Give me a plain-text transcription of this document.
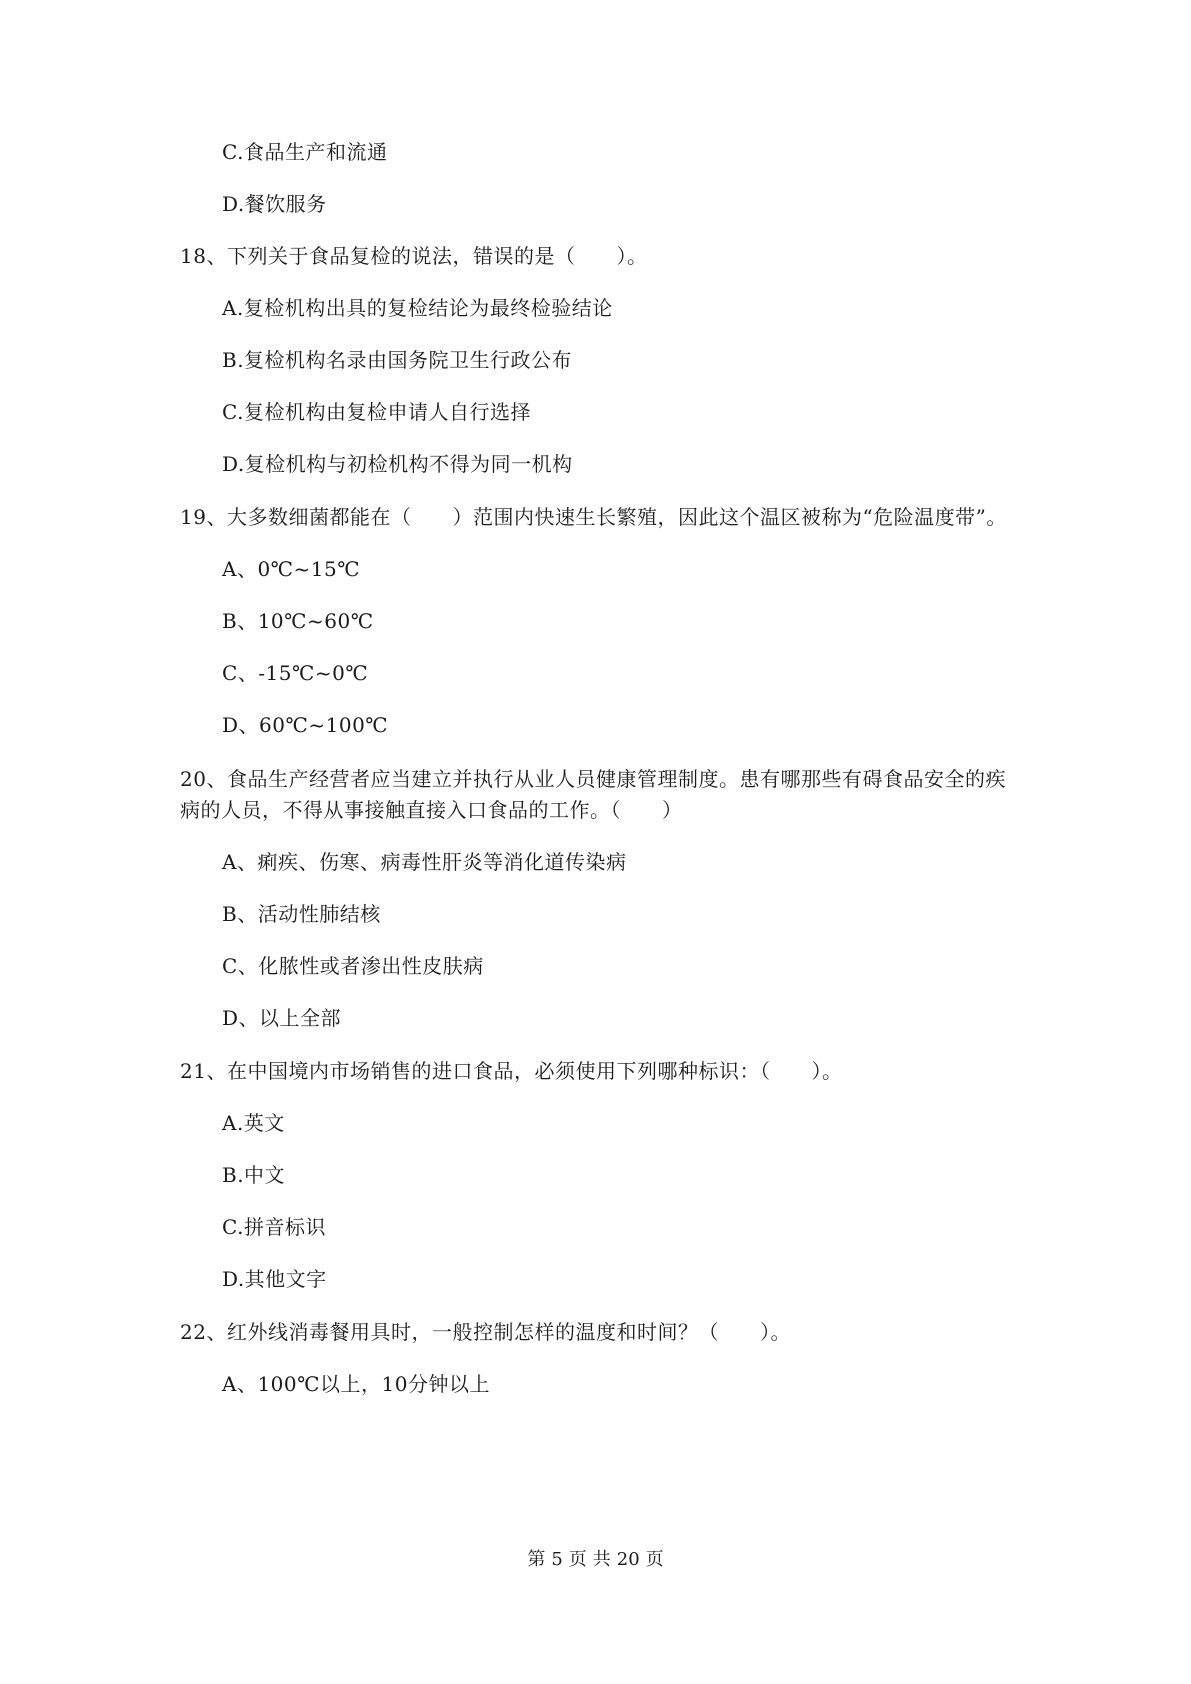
C.食品生产和流通
D.餐饮服务
18、下列关于食品复检的说法，错误的是（　　）。
A.复检机构出具的复检结论为最终检验结论
B.复检机构名录由国务院卫生行政公布
C.复检机构由复检申请人自行选择
D.复检机构与初检机构不得为同一机构
19、大多数细菌都能在（　　）范围内快速生长繁殖，因此这个温区被称为“危险温度带”。
A、0℃~15℃
B、10℃~60℃
C、-15℃~0℃
D、60℃~100℃
20、食品生产经营者应当建立并执行从业人员健康管理制度。患有哪那些有碍食品安全的疾
病的人员，不得从事接触直接入口食品的工作。（　　）
A、痢疾、伤寒、病毒性肝炎等消化道传染病
B、活动性肺结核
C、化脓性或者渗出性皮肤病
D、以上全部
21、在中国境内市场销售的进口食品，必须使用下列哪种标识：（　　）。
A.英文
B.中文
C.拼音标识
D.其他文字
22、红外线消毒餐用具时，一般控制怎样的温度和时间？（　　）。
A、100℃以上，10分钟以上
第 5 页 共 20 页
